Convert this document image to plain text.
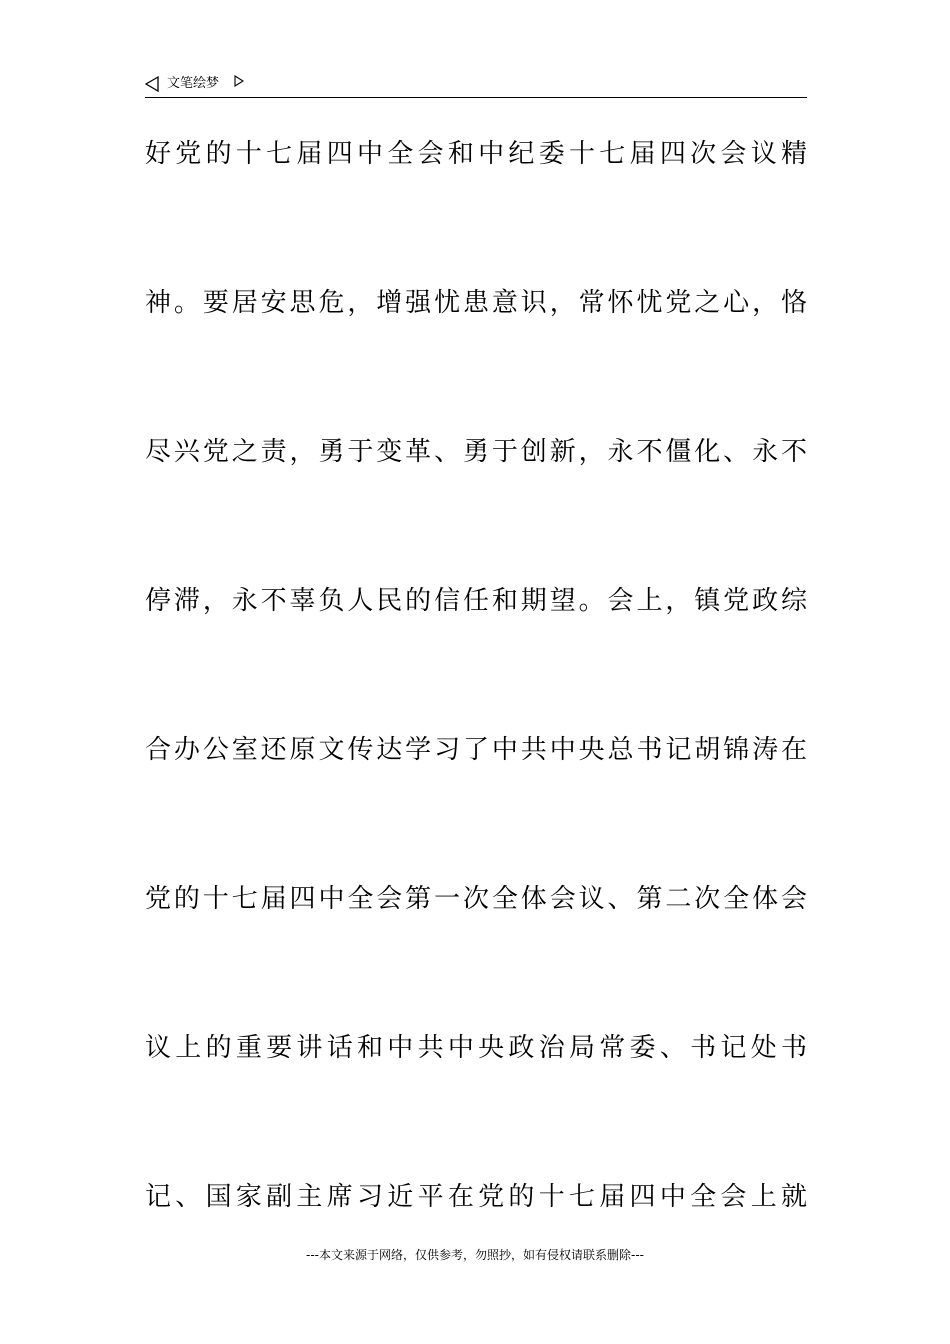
文笔绘梦
好党的十七届四中全会和中纪委十七届四次会议精
神。要居安思危，增强忧患意识，常怀忧党之心，恪
尽兴党之责，勇于变革、勇于创新，永不僵化、永不
停滞，永不辜负人民的信任和期望。会上，镇党政综
合办公室还原文传达学习了中共中央总书记胡锦涛在
党的十七届四中全会第一次全体会议、第二次全体会
议上的重要讲话和中共中央政治局常委、书记处书
记、国家副主席习近平在党的十七届四中全会上就
---本文来源于网络，仅供参考，勿照抄，如有侵权请联系删除---
